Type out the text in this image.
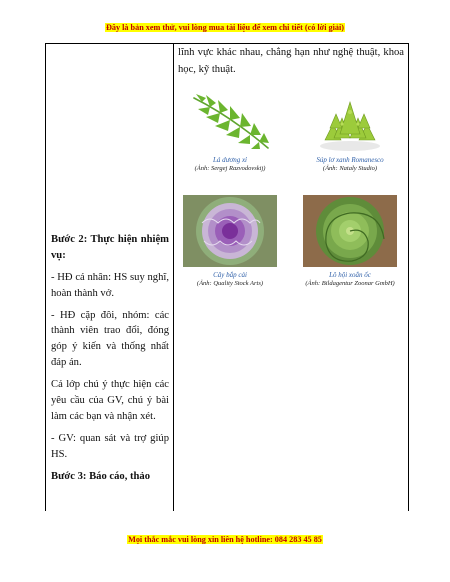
Đây là bản xem thử, vui lòng mua tài liệu để xem chi tiết (có lời giải)
lĩnh vực khác nhau, chẳng hạn như nghệ thuật, khoa học, kỹ thuật.
Lá dương xỉ
(Ảnh: Sergej Razvodovskij)
Súp lơ xanh Romanesco
(Ảnh: Nataly Studio)
Cây bắp cải
(Ảnh: Quality Stock Arts)
Lô hội xoắn ốc
(Ảnh: Bildagentur Zoonar GmbH)

Bước 2: Thực hiện nhiệm vụ:

- HĐ cá nhân: HS suy nghĩ, hoàn thành vở.

- HĐ cặp đôi, nhóm: các thành viên trao đổi, đóng góp ý kiến và thống nhất đáp án.

Cả lớp chú ý thực hiện các yêu cầu của GV, chú ý bài làm các bạn và nhận xét.

- GV: quan sát và trợ giúp HS.

Bước 3: Báo cáo, thảo

Mọi thắc mắc vui lòng xin liên hệ hotline: 084 283 45 85
